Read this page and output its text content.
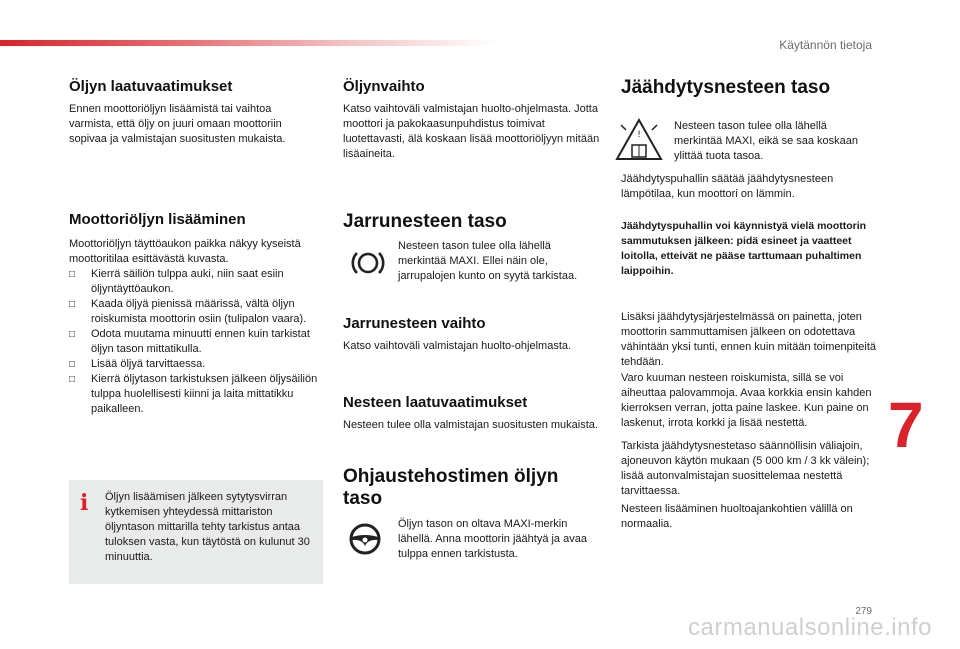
Käytännön tietoja
Öljyn laatuvaatimukset

Ennen moottoriöljyn lisäämistä tai vaihtoa varmista, että öljy on juuri omaan moottoriin sopivaa ja valmistajan suositusten mukaista.

Moottoriöljyn lisääminen

Moottoriöljyn täyttöaukon paikka näkyy kyseistä moottoritilaa esittävästä kuvasta.

□ Kierrä säiliön tulppa auki, niin saat esiin öljyntäyttöaukon.
□ Kaada öljyä pienissä määrissä, vältä öljyn roiskumista moottorin osiin (tulipalon vaara).
□ Odota muutama minuutti ennen kuin tarkistat öljyn tason mittatikulla.
□ Lisää öljyä tarvittaessa.
□ Kierrä öljytason tarkistuksen jälkeen öljysäiliön tulppa huolellisesti kiinni ja laita mittatikku paikalleen.
i Öljyn lisäämisen jälkeen sytytysvirran kytkemisen yhteydessä mittariston öljyntason mittarilla tehty tarkistus antaa tuloksen vasta, kun täytöstä on kulunut 30 minuuttia.

Öljynvaihto

Katso vaihtoväli valmistajan huolto-ohjelmasta. Jotta moottori ja pakokaasunpuhdistus toimivat luotettavasti, älä koskaan lisää moottoriöljyyn mitään lisäaineita.

Jarrunesteen taso

Nesteen tason tulee olla lähellä merkintää MAXI. Ellei näin ole, jarrupalojen kunto on syytä tarkistaa.

Jarrunesteen vaihto

Katso vaihtoväli valmistajan huolto-ohjelmasta.

Nesteen laatuvaatimukset

Nesteen tulee olla valmistajan suositusten mukaista.

Ohjaustehostimen öljyn taso

Öljyn tason on oltava MAXI-merkin lähellä. Anna moottorin jäähtyä ja avaa tulppa ennen tarkistusta.

Jäähdytysnesteen taso
!

Nesteen tason tulee olla lähellä merkintää MAXI, eikä se saa koskaan ylittää tuota tasoa.

Jäähdytyspuhallin säätää jäähdytysnesteen lämpötilaa, kun moottori on lämmin.

Jäähdytyspuhallin voi käynnistyä vielä moottorin sammutuksen jälkeen: pidä esineet ja vaatteet loitolla, etteivät ne pääse tarttumaan puhaltimen laippoihin.

Lisäksi jäähdytysjärjestelmässä on painetta, joten moottorin sammuttamisen jälkeen on odotettava vähintään yksi tunti, ennen kuin mitään toimenpiteitä tehdään.

Varo kuuman nesteen roiskumista, sillä se voi aiheuttaa palovammoja. Avaa korkkia ensin kahden kierroksen verran, jotta paine laskee. Kun paine on laskenut, irrota korkki ja lisää nestettä.

Tarkista jäähdytysnestetaso säännöllisin väliajoin, ajoneuvon käytön mukaan (5 000 km / 3 kk välein); lisää autonvalmistajan suosittelemaa nestettä tarvittaessa.

Nesteen lisääminen huoltoajankohtien välillä on normaalia.

7
279
carmanualsonline.info
